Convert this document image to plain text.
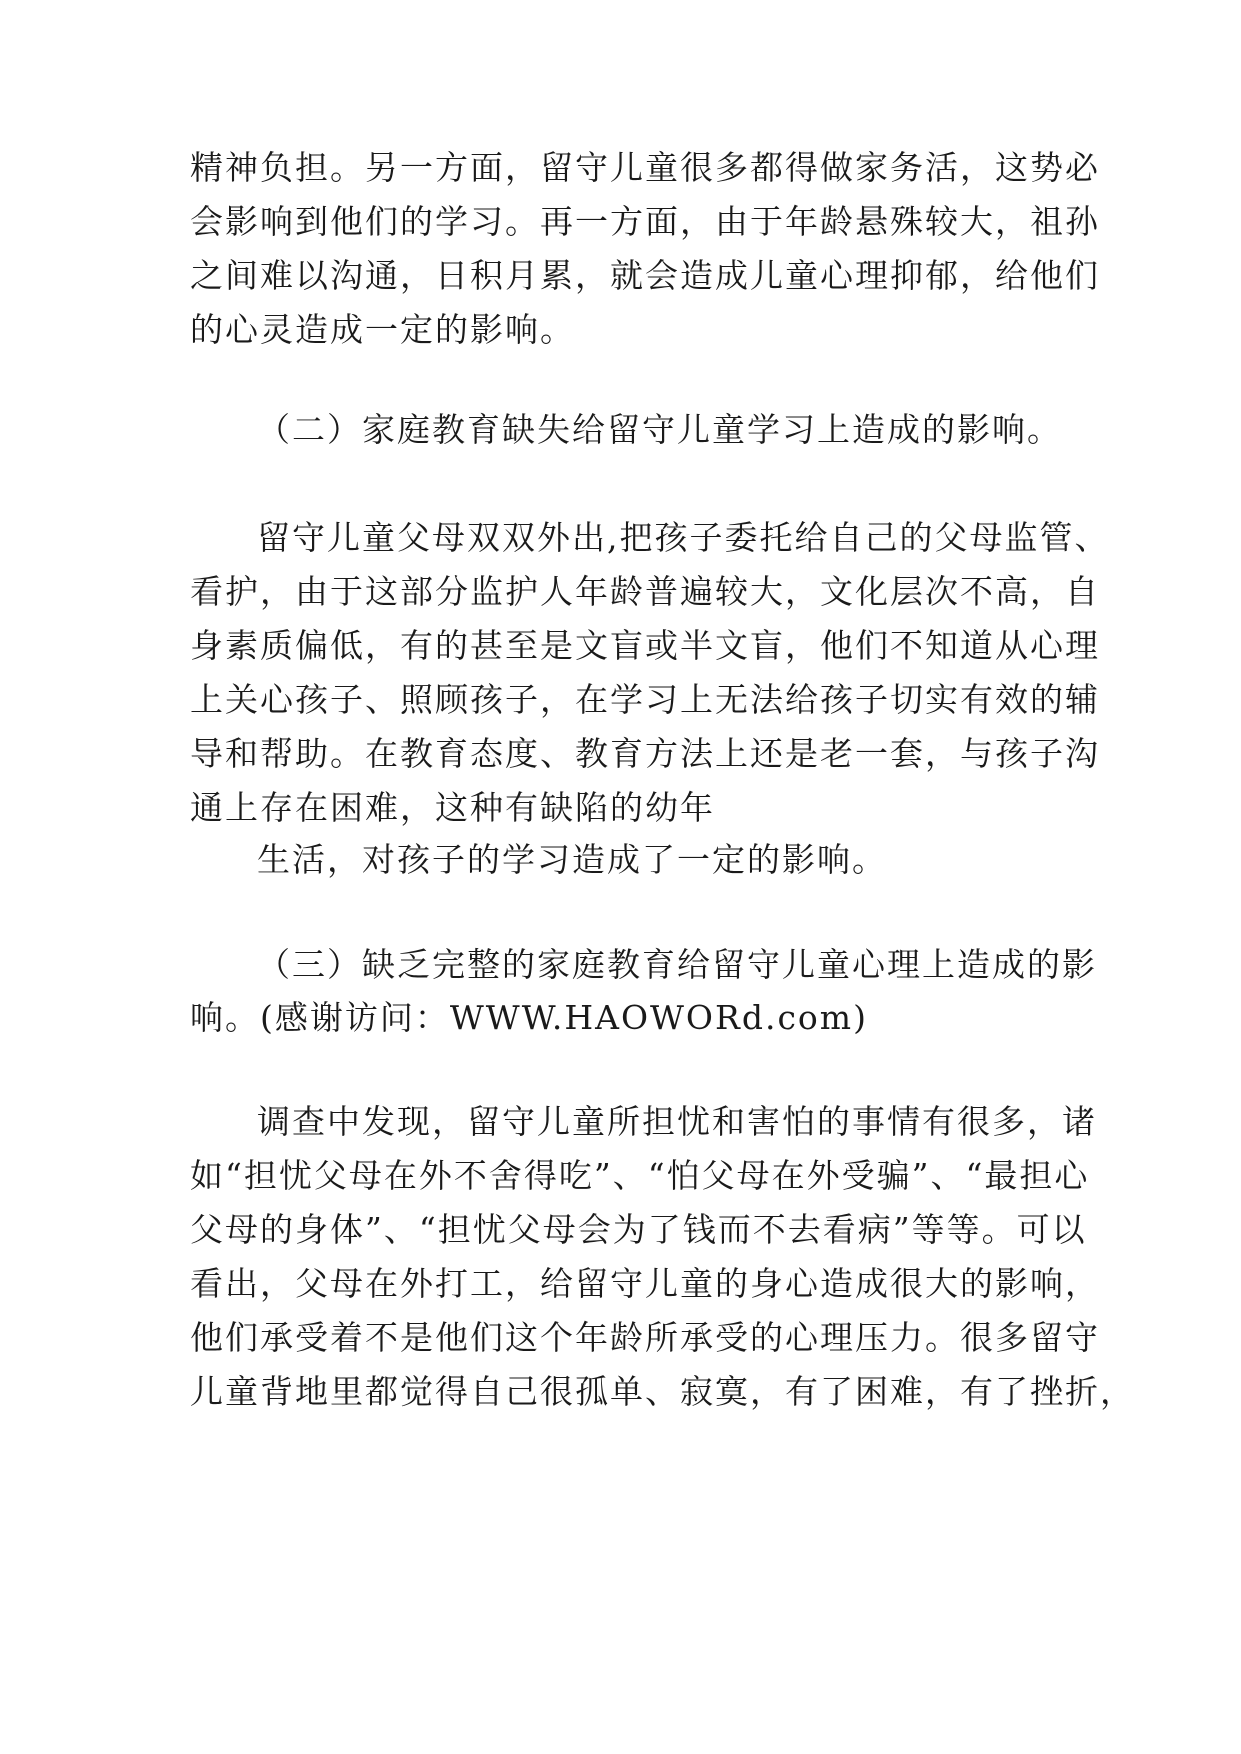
精神负担。另一方面，留守儿童很多都得做家务活，这势必
会影响到他们的学习。再一方面，由于年龄悬殊较大，祖孙
之间难以沟通，日积月累，就会造成儿童心理抑郁，给他们
的心灵造成一定的影响。
（二）家庭教育缺失给留守儿童学习上造成的影响。
留守儿童父母双双外出,把孩子委托给自己的父母监管、
看护，由于这部分监护人年龄普遍较大，文化层次不高，自
身素质偏低，有的甚至是文盲或半文盲，他们不知道从心理
上关心孩子、照顾孩子，在学习上无法给孩子切实有效的辅
导和帮助。在教育态度、教育方法上还是老一套，与孩子沟
通上存在困难，这种有缺陷的幼年
生活，对孩子的学习造成了一定的影响。
（三）缺乏完整的家庭教育给留守儿童心理上造成的影
响。(感谢访问：WWW.HAOWORd.com)
调查中发现，留守儿童所担忧和害怕的事情有很多，诸
如“担忧父母在外不舍得吃”、“怕父母在外受骗”、“最担心
父母的身体”、“担忧父母会为了钱而不去看病”等等。可以
看出，父母在外打工，给留守儿童的身心造成很大的影响，
他们承受着不是他们这个年龄所承受的心理压力。很多留守
儿童背地里都觉得自己很孤单、寂寞，有了困难，有了挫折，
